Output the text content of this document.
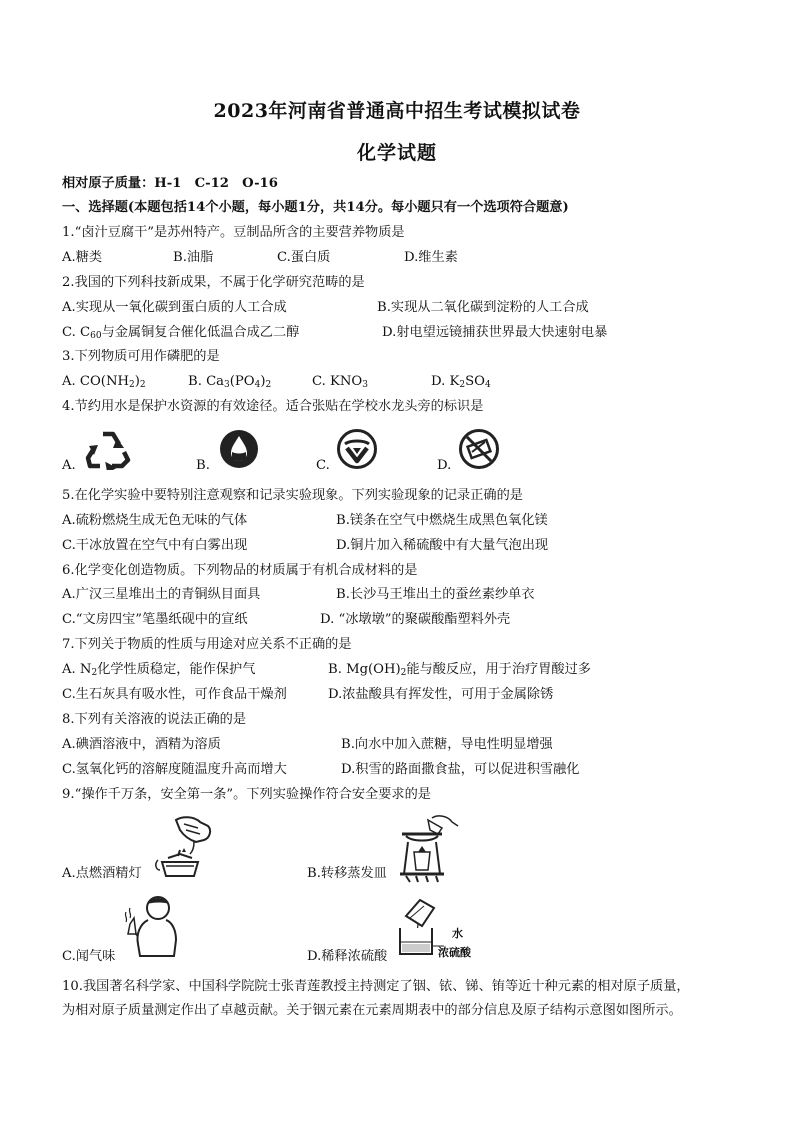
2023年河南省普通高中招生考试模拟试卷
化学试题
相对原子质量：H-1　C-12　O-16
一、选择题(本题包括14个小题，每小题1分，共14分。每小题只有一个选项符合题意)
1.“卤汁豆腐干”是苏州特产。豆制品所含的主要营养物质是
A.糖类	B.油脂	C.蛋白质	D.维生素
2.我国的下列科技新成果，不属于化学研究范畴的是
A.实现从一氧化碳到蛋白质的人工合成	B.实现从二氧化碳到淀粉的人工合成
C. $C_{60}$与金属铜复合催化低温合成乙二醇	D.射电望远镜捕获世界最大快速射电暴
3.下列物质可用作磷肥的是
A. $CO(NH_2)_2$	B. $Ca_3(PO_4)_2$	C. $KNO_3$	D. $K_2SO_4$
4.节约用水是保护水资源的有效途径。适合张贴在学校水龙头旁的标识是
A.	B.	C.	D.
5.在化学实验中要特别注意观察和记录实验现象。下列实验现象的记录正确的是
A.硫粉燃烧生成无色无味的气体	B.镁条在空气中燃烧生成黑色氧化镁
C.干冰放置在空气中有白雾出现	D.铜片加入稀硫酸中有大量气泡出现
6.化学变化创造物质。下列物品的材质属于有机合成材料的是
A.广汉三星堆出土的青铜纵目面具	B.长沙马王堆出土的蚕丝素纱单衣
C.“文房四宝”笔墨纸砚中的宣纸	D. “冰墩墩”的聚碳酸酯塑料外壳
7.下列关于物质的性质与用途对应关系不正确的是
A. $N_2$化学性质稳定，能作保护气	B. $Mg(OH)_2$能与酸反应，用于治疗胃酸过多
C.生石灰具有吸水性，可作食品干燥剂	D.浓盐酸具有挥发性，可用于金属除锈
8.下列有关溶液的说法正确的是
A.碘酒溶液中，酒精为溶质	B.向水中加入蔗糖，导电性明显增强
C.氢氧化钙的溶解度随温度升高而增大	D.积雪的路面撒食盐，可以促进积雪融化
9.“操作千万条，安全第一条”。下列实验操作符合安全要求的是
A.点燃酒精灯	B.转移蒸发皿
C.闻气味
水
浓硫酸
D.稀释浓硫酸
10.我国著名科学家、中国科学院院士张青莲教授主持测定了铟、铱、锑、铕等近十种元素的相对原子质量，
为相对原子质量测定作出了卓越贡献。关于铟元素在元素周期表中的部分信息及原子结构示意图如图所示。
